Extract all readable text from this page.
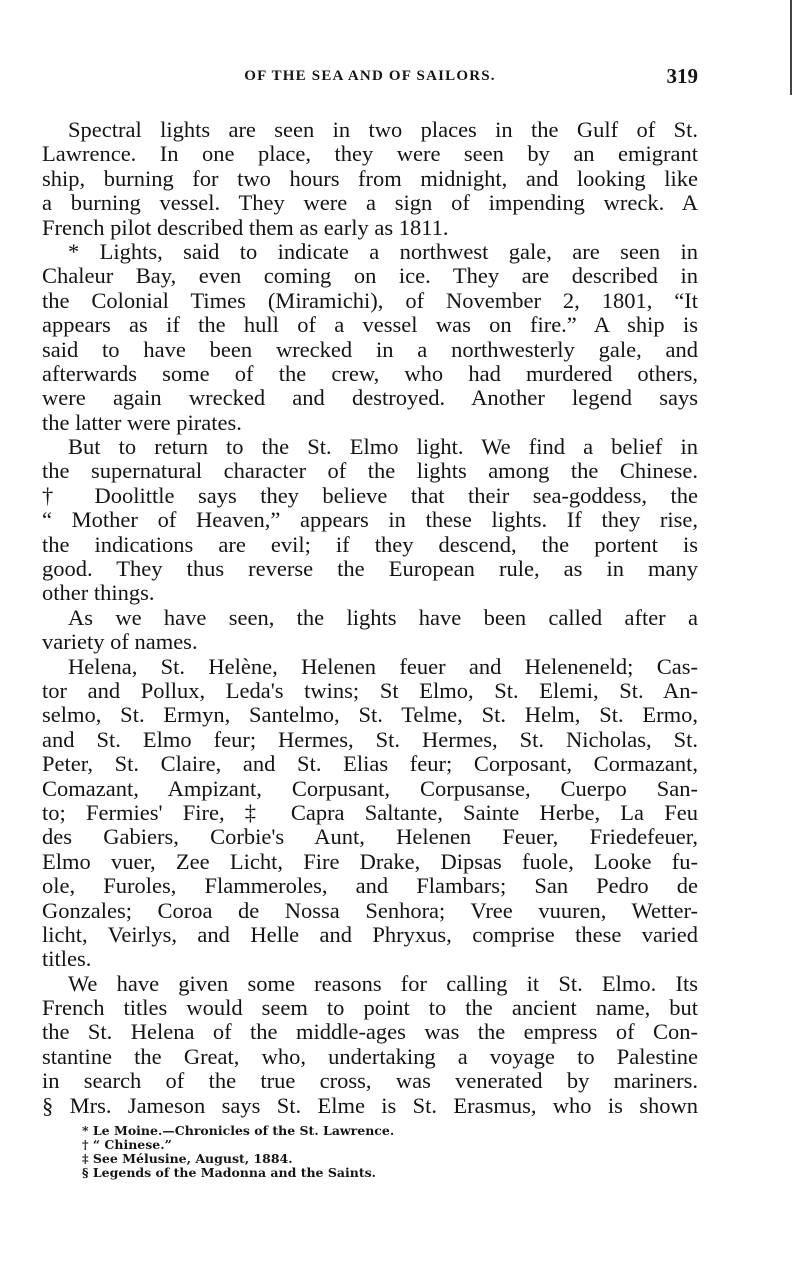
OF THE SEA AND OF SAILORS.	319
Spectral lights are seen in two places in the Gulf of St.
Lawrence. In one place, they were seen by an emigrant
ship, burning for two hours from midnight, and looking like
a burning vessel. They were a sign of impending wreck. A
French pilot described them as early as 1811.
* Lights, said to indicate a northwest gale, are seen in
Chaleur Bay, even coming on ice. They are described in
the Colonial Times (Miramichi), of November 2, 1801, “It
appears as if the hull of a vessel was on fire.” A ship is
said to have been wrecked in a northwesterly gale, and
afterwards some of the crew, who had murdered others,
were again wrecked and destroyed. Another legend says
the latter were pirates.
But to return to the St. Elmo light. We find a belief in
the supernatural character of the lights among the Chinese.
† Doolittle says they believe that their sea-goddess, the
“ Mother of Heaven,” appears in these lights. If they rise,
the indications are evil; if they descend, the portent is
good. They thus reverse the European rule, as in many
other things.
As we have seen, the lights have been called after a
variety of names.
Helena, St. Helène, Helenen feuer and Heleneneld; Cas-
tor and Pollux, Leda's twins; St Elmo, St. Elemi, St. An-
selmo, St. Ermyn, Santelmo, St. Telme, St. Helm, St. Ermo,
and St. Elmo feur; Hermes, St. Hermes, St. Nicholas, St.
Peter, St. Claire, and St. Elias feur; Corposant, Cormazant,
Comazant, Ampizant, Corpusant, Corpusanse, Cuerpo San-
to; Fermies' Fire, ‡ Capra Saltante, Sainte Herbe, La Feu
des Gabiers, Corbie's Aunt, Helenen Feuer, Friedefeuer,
Elmo vuer, Zee Licht, Fire Drake, Dipsas fuole, Looke fu-
ole, Furoles, Flammeroles, and Flambars; San Pedro de
Gonzales; Coroa de Nossa Senhora; Vree vuuren, Wetter-
licht, Veirlys, and Helle and Phryxus, comprise these varied
titles.
We have given some reasons for calling it St. Elmo. Its
French titles would seem to point to the ancient name, but
the St. Helena of the middle-ages was the empress of Con-
stantine the Great, who, undertaking a voyage to Palestine
in search of the true cross, was venerated by mariners.
§ Mrs. Jameson says St. Elme is St. Erasmus, who is shown
* Le Moine.—Chronicles of the St. Lawrence.
† “ Chinese.”
‡ See Mélusine, August, 1884.
§ Legends of the Madonna and the Saints.
